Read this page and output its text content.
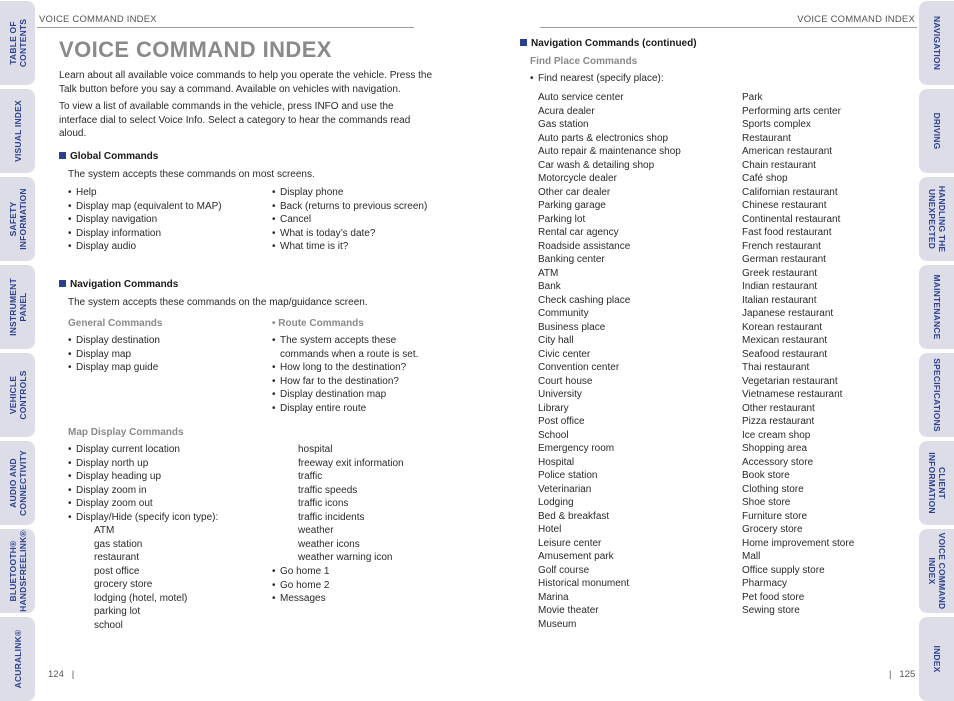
TABLE OF
CONTENTS
VISUAL INDEX
SAFETY
INFORMATION
INSTRUMENT
PANEL
VEHICLE
CONTROLS
AUDIO AND
CONNECTIVITY
BLUETOOTH®
HANDSFREELINK®
ACURALINK®
NAVIGATION
DRIVING
HANDLING THE
UNEXPECTED
MAINTENANCE
SPECIFICATIONS
CLIENT
INFORMATION
VOICE COMMAND
INDEX
INDEX
VOICE COMMAND INDEX
VOICE COMMAND INDEX
Learn about all available voice commands to help you operate the vehicle. Press the Talk button before you say a command. Available on vehicles with navigation.
To view a list of available commands in the vehicle, press INFO and use the interface dial to select Voice Info. Select a category to hear the commands read aloud.
Global Commands
The system accepts these commands on most screens.
• Help
• Display map (equivalent to MAP)
• Display navigation
• Display information
• Display audio
• Display phone
• Back (returns to previous screen)
• Cancel
• What is today’s date?
• What time is it?
Navigation Commands
The system accepts these commands on the map/guidance screen.
General Commands
• Display destination
• Display map
• Display map guide
• Route Commands
• The system accepts these commands when a route is set.
• How long to the destination?
• How far to the destination?
• Display destination map
• Display entire route
Map Display Commands
• Display current location
• Display north up
• Display heading up
• Display zoom in
• Display zoom out
• Display/Hide (specify icon type):
ATM
gas station
restaurant
post office
grocery store
lodging (hotel, motel)
parking lot
school
hospital
freeway exit information
traffic
traffic speeds
traffic icons
traffic incidents
weather
weather icons
weather warning icon
• Go home 1
• Go home 2
• Messages
124   |
VOICE COMMAND INDEX
Navigation Commands (continued)
Find Place Commands
• Find nearest (specify place):
Auto service center
Acura dealer
Gas station
Auto parts & electronics shop
Auto repair & maintenance shop
Car wash & detailing shop
Motorcycle dealer
Other car dealer
Parking garage
Parking lot
Rental car agency
Roadside assistance
Banking center
ATM
Bank
Check cashing place
Community
Business place
City hall
Civic center
Convention center
Court house
University
Library
Post office
School
Emergency room
Hospital
Police station
Veterinarian
Lodging
Bed & breakfast
Hotel
Leisure center
Amusement park
Golf course
Historical monument
Marina
Movie theater
Museum
Park
Performing arts center
Sports complex
Restaurant
American restaurant
Chain restaurant
Café shop
Californian restaurant
Chinese restaurant
Continental restaurant
Fast food restaurant
French restaurant
German restaurant
Greek restaurant
Indian restaurant
Italian restaurant
Japanese restaurant
Korean restaurant
Mexican restaurant
Seafood restaurant
Thai restaurant
Vegetarian restaurant
Vietnamese restaurant
Other restaurant
Pizza restaurant
Ice cream shop
Shopping area
Accessory store
Book store
Clothing store
Shoe store
Furniture store
Grocery store
Home improvement store
Mall
Office supply store
Pharmacy
Pet food store
Sewing store
|   125
